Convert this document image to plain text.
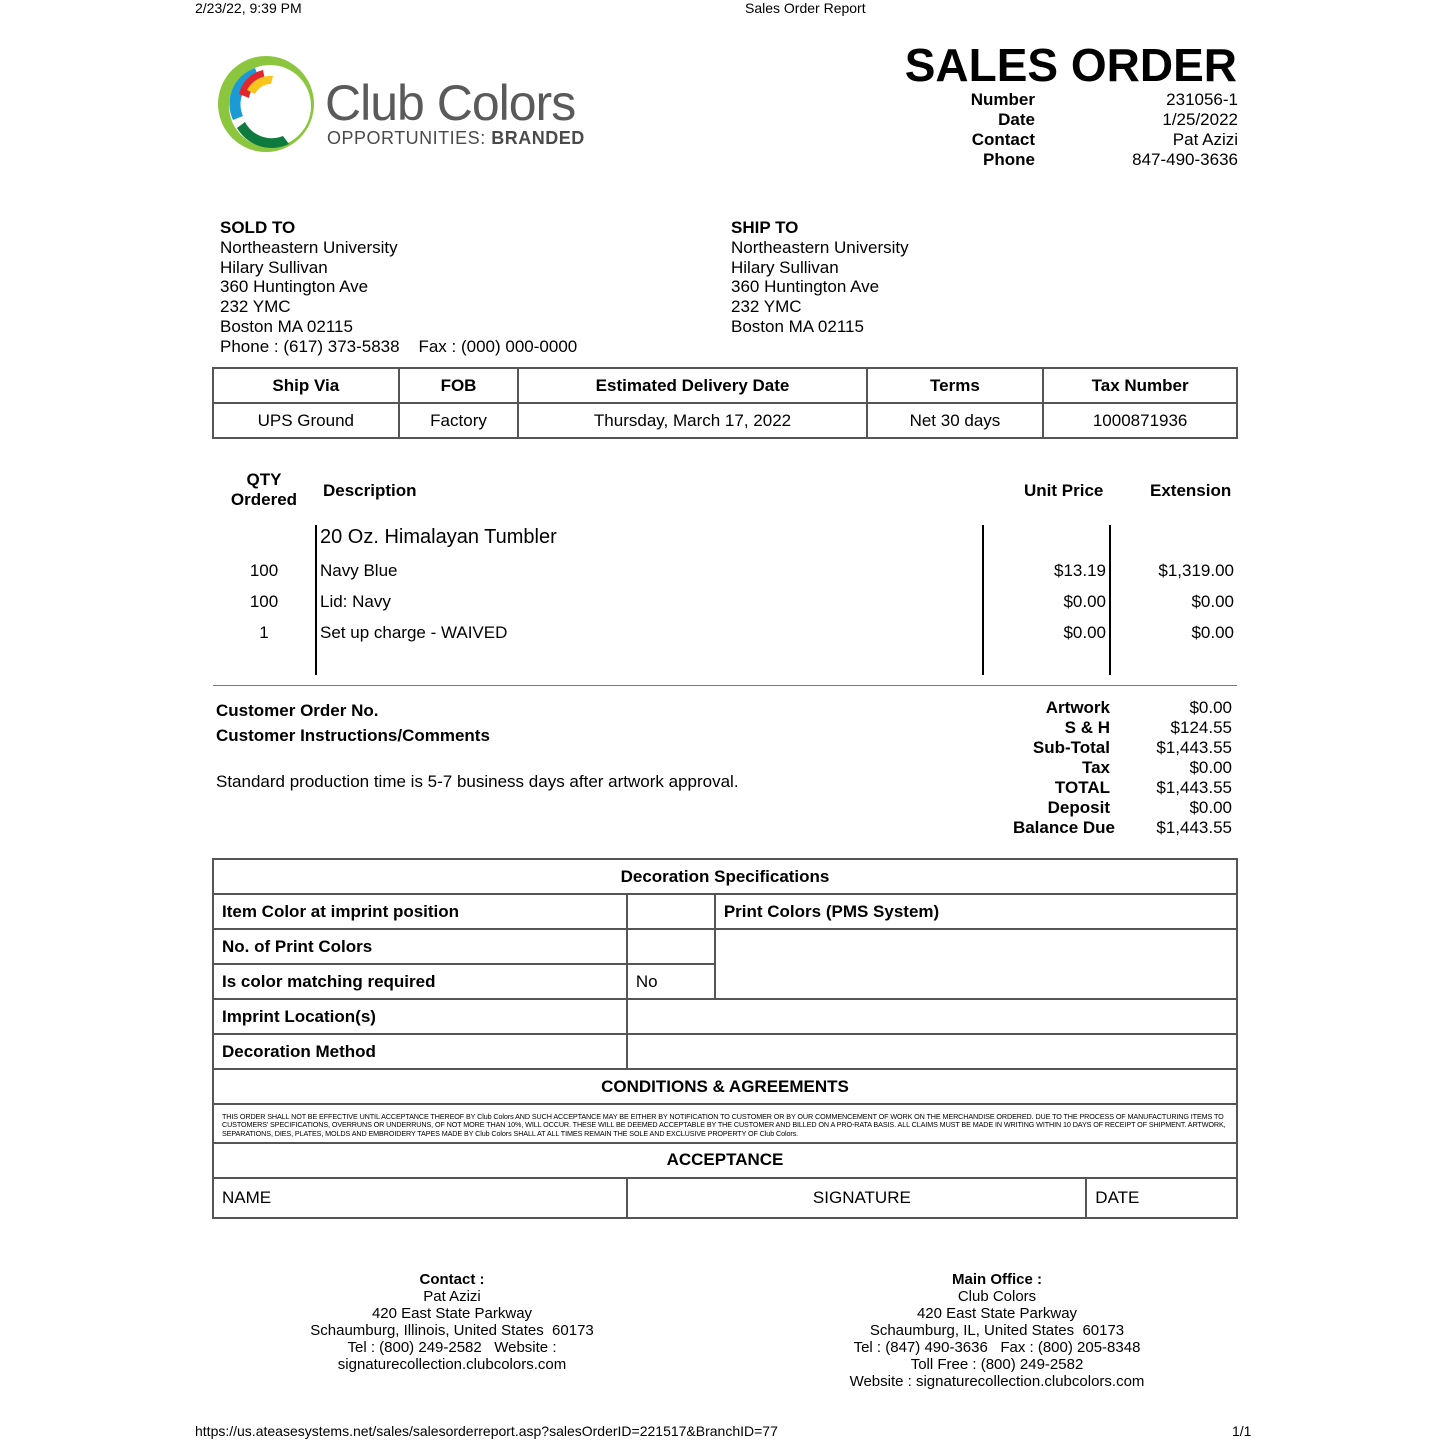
2/23/22, 9:39 PM	Sales Order Report
Club Colors
OPPORTUNITIES: BRANDED
SALES ORDER
Number	231056-1
Date	1/25/2022
Contact	Pat Azizi
Phone	847-490-3636
SOLD TO
Northeastern University
Hilary Sullivan
360 Huntington Ave
232 YMC
Boston MA 02115
Phone : (617) 373-5838    Fax : (000) 000-0000
SHIP TO
Northeastern University
Hilary Sullivan
360 Huntington Ave
232 YMC
Boston MA 02115
Ship Via	FOB	Estimated Delivery Date	Terms	Tax Number
UPS Ground	Factory	Thursday, March 17, 2022	Net 30 days	1000871936
QTY
Ordered	Description	Unit Price	Extension
20 Oz. Himalayan Tumbler
100	Navy Blue	$13.19	$1,319.00
100	Lid: Navy	$0.00	$0.00
1	Set up charge - WAIVED	$0.00	$0.00
Customer Order No.
Customer Instructions/Comments
Standard production time is 5-7 business days after artwork approval.
Artwork	$0.00
S & H	$124.55
Sub-Total	$1,443.55
Tax	$0.00
TOTAL	$1,443.55
Deposit	$0.00
Balance Due	$1,443.55
Decoration Specifications			
Item Color at imprint position		Print Colors (PMS System)	
No. of Print Colors			
Is color matching required	No		
Imprint Location(s)			
Decoration Method			
CONDITIONS & AGREEMENTS			
THIS ORDER SHALL NOT BE EFFECTIVE UNTIL ACCEPTANCE THEREOF BY Club Colors AND SUCH ACCEPTANCE MAY BE EITHER BY NOTIFICATION TO CUSTOMER OR BY OUR COMMENCEMENT OF WORK ON THE MERCHANDISE ORDERED. DUE TO THE PROCESS OF MANUFACTURING ITEMS TO CUSTOMERS' SPECIFICATIONS, OVERRUNS OR UNDERRUNS, OF NOT MORE THAN 10%, WILL OCCUR. THESE WILL BE DEEMED ACCEPTABLE BY THE CUSTOMER AND BILLED ON A PRO-RATA BASIS. ALL CLAIMS MUST BE MADE IN WRITING WITHIN 10 DAYS OF RECEIPT OF SHIPMENT. ARTWORK, SEPARATIONS, DIES, PLATES, MOLDS AND EMBROIDERY TAPES MADE BY Club Colors SHALL AT ALL TIMES REMAIN THE SOLE AND EXCLUSIVE PROPERTY OF Club Colors.			
ACCEPTANCE			
NAME	SIGNATURE		DATE
Contact :
Pat Azizi
420 East State Parkway
Schaumburg, Illinois, United States  60173
Tel : (800) 249-2582   Website :
signaturecollection.clubcolors.com
Main Office :
Club Colors
420 East State Parkway
Schaumburg, IL, United States  60173
Tel : (847) 490-3636   Fax : (800) 205-8348
Toll Free : (800) 249-2582
Website : signaturecollection.clubcolors.com
https://us.ateasesystems.net/sales/salesorderreport.asp?salesOrderID=221517&BranchID=77	1/1
